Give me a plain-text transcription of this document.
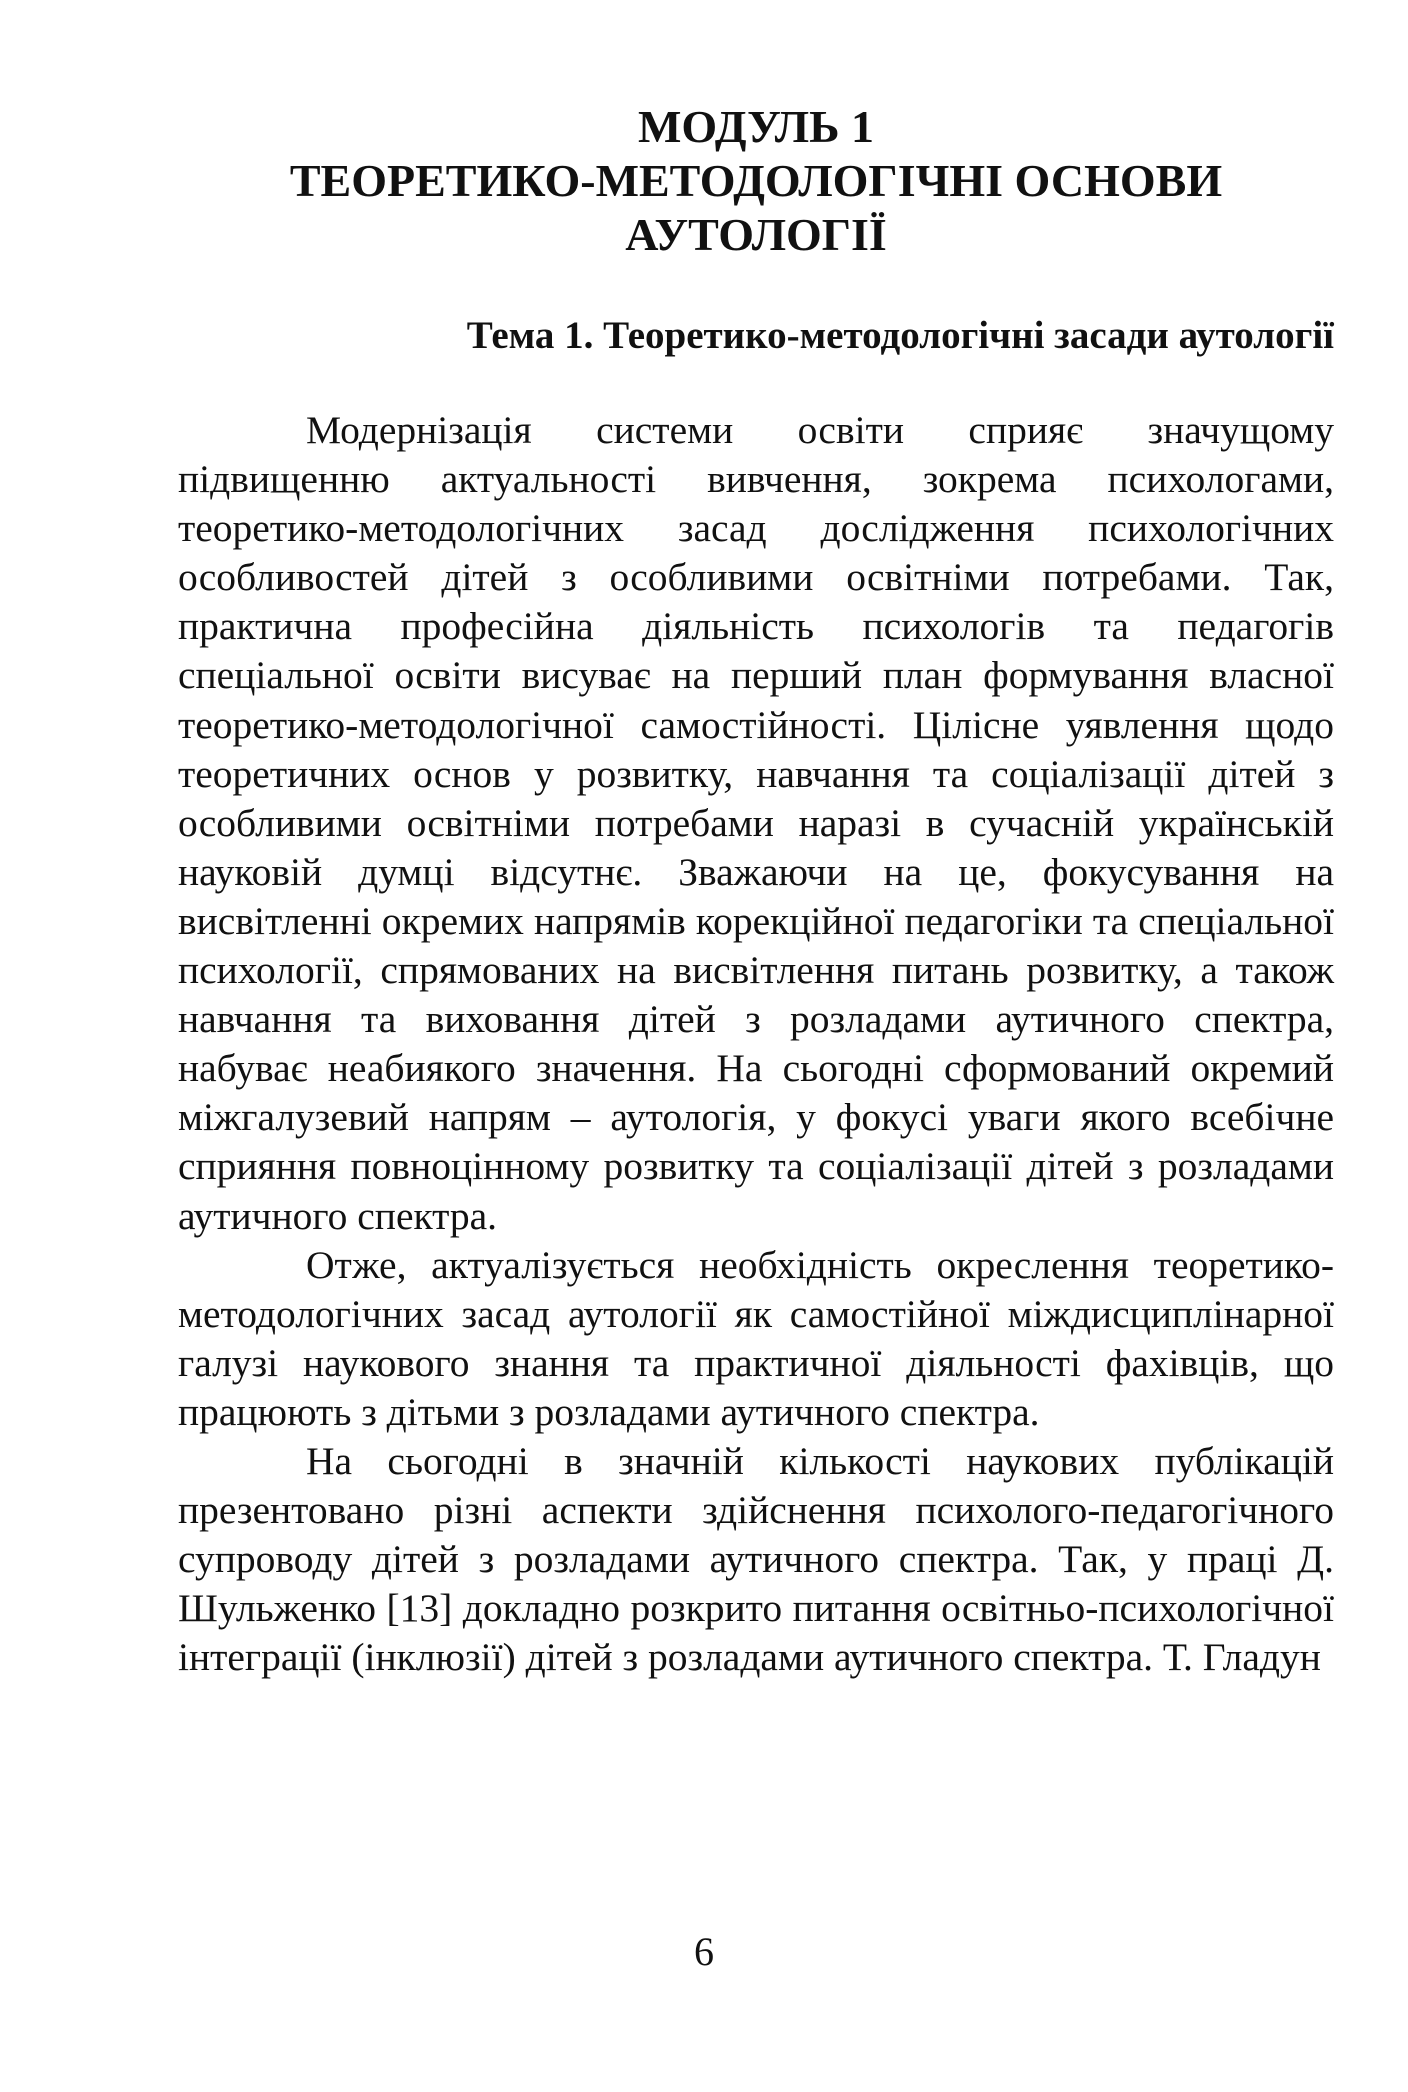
МОДУЛЬ 1
ТЕОРЕТИКО-МЕТОДОЛОГІЧНІ ОСНОВИ
АУТОЛОГІЇ
Тема 1. Теоретико-методологічні засади аутології

Модернізація системи освіти сприяє значущому підвищенню актуальності вивчення, зокрема психологами, теоретико-методологічних засад дослідження психологічних особливостей дітей з особливими освітніми потребами. Так, практична професійна діяльність психологів та педагогів спеціальної освіти висуває на перший план формування власної теоретико-методологічної самостійності. Цілісне уявлення щодо теоретичних основ у розвитку, навчання та соціалізації дітей з особливими освітніми потребами наразі в сучасній українській науковій думці відсутнє. Зважаючи на це, фокусування на висвітленні окремих напрямів корекційної педагогіки та спеціальної психології, спрямованих на висвітлення питань розвитку, а також навчання та виховання дітей з розладами аутичного спектра, набуває неабиякого значення. На сьогодні сформований окремий міжгалузевий напрям – аутологія, у фокусі уваги якого всебічне сприяння повноцінному розвитку та соціалізації дітей з розладами аутичного спектра.

Отже, актуалізується необхідність окреслення теоретико-методологічних засад аутології як самостійної міждисциплінарної галузі наукового знання та практичної діяльності фахівців, що працюють з дітьми з розладами аутичного спектра.

На сьогодні в значній кількості наукових публікацій презентовано різні аспекти здійснення психолого-педагогічного супроводу дітей з розладами аутичного спектра. Так, у праці Д. Шульженко [13] докладно розкрито питання освітньо-психологічної інтеграції (інклюзії) дітей з розладами аутичного спектра. Т. Гладун

6
